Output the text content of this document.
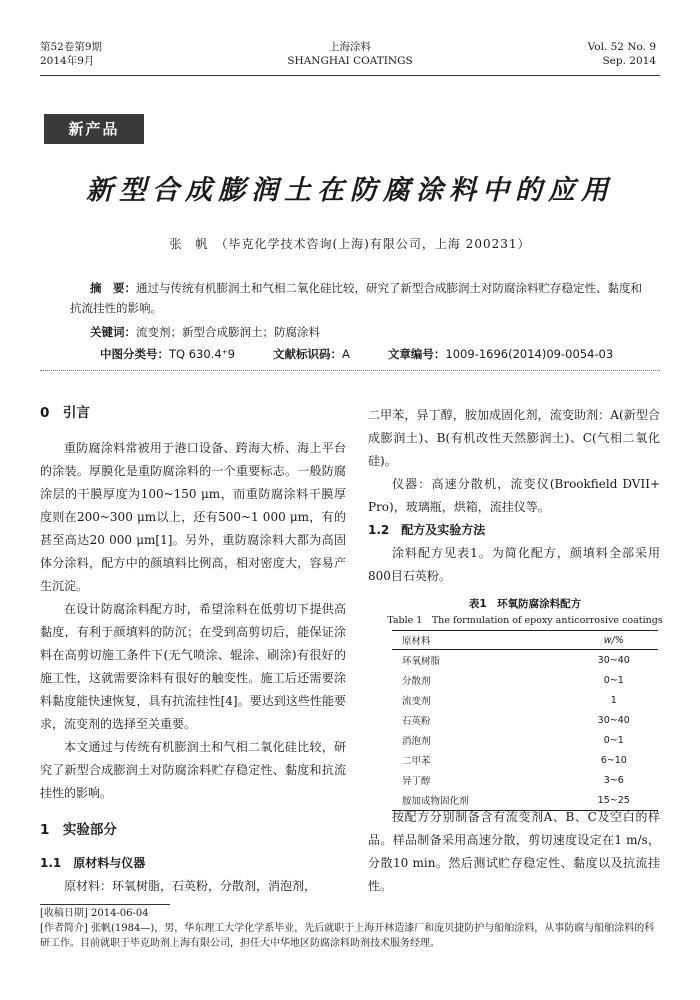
第52卷第9期
2014年9月
上海涂料
SHANGHAI COATINGS
Vol. 52 No. 9
Sep. 2014
新产品
新型合成膨润土在防腐涂料中的应用
张　帆　（毕克化学技术咨询(上海)有限公司，上海 200231）
摘　要：通过与传统有机膨润土和气相二氧化硅比较，研究了新型合成膨润土对防腐涂料贮存稳定性、黏度和抗流挂性的影响。
关键词：流变剂；新型合成膨润土；防腐涂料
中图分类号：TQ 630.4⁺9	文献标识码：A	文章编号：1009-1696(2014)09-0054-03
0　引言

重防腐涂料常被用于港口设备、跨海大桥、海上平台的涂装。厚膜化是重防腐涂料的一个重要标志。一般防腐涂层的干膜厚度为100~150 μm，而重防腐涂料干膜厚度则在200~300 μm以上，还有500~1 000 μm，有的甚至高达20 000 μm[1]。另外，重防腐涂料大都为高固体分涂料，配方中的颜填料比例高，相对密度大，容易产生沉淀。

在设计防腐涂料配方时，希望涂料在低剪切下提供高黏度，有利于颜填料的防沉；在受到高剪切后，能保证涂料在高剪切施工条件下(无气喷涂、辊涂、刷涂)有很好的施工性，这就需要涂料有很好的触变性。施工后还需要涂料黏度能快速恢复，具有抗流挂性[4]。要达到这些性能要求，流变剂的选择至关重要。

本文通过与传统有机膨润土和气相二氧化硅比较，研究了新型合成膨润土对防腐涂料贮存稳定性、黏度和抗流挂性的影响。

1　实验部分
1.1　原材料与仪器

原材料：环氧树脂，石英粉，分散剂，消泡剂，

二甲苯，异丁醇，胺加成固化剂，流变助剂：A(新型合成膨润土)、B(有机改性天然膨润土)、C(气相二氧化硅)。

仪器：高速分散机，流变仪(Brookfield DVII+ Pro)，玻璃瓶，烘箱，流挂仪等。

1.2　配方及实验方法

涂料配方见表1。为简化配方，颜填料全部采用800目石英粉。

表1　环氧防腐涂料配方
Table 1　The formulation of epoxy anticorrosive coatings
原材料	w/%
环氧树脂	30~40
分散剂	0~1
流变剂	1
石英粉	30~40
消泡剂	0~1
二甲苯	6~10
异丁醇	3~6
胺加成物固化剂	15~25

按配方分别制备含有流变剂A、B、C及空白的样品。样品制备采用高速分散，剪切速度设定在1 m/s，分散10 min。然后测试贮存稳定性、黏度以及抗流挂性。

[收稿日期] 2014-06-04
[作者简介] 张帆(1984—)，男，华东理工大学化学系毕业，先后就职于上海开林造漆厂和庞贝捷防护与船舶涂料，从事防腐与船舶涂料的科研工作。目前就职于毕克助剂上海有限公司，担任大中华地区防腐涂料助剂技术服务经理。
